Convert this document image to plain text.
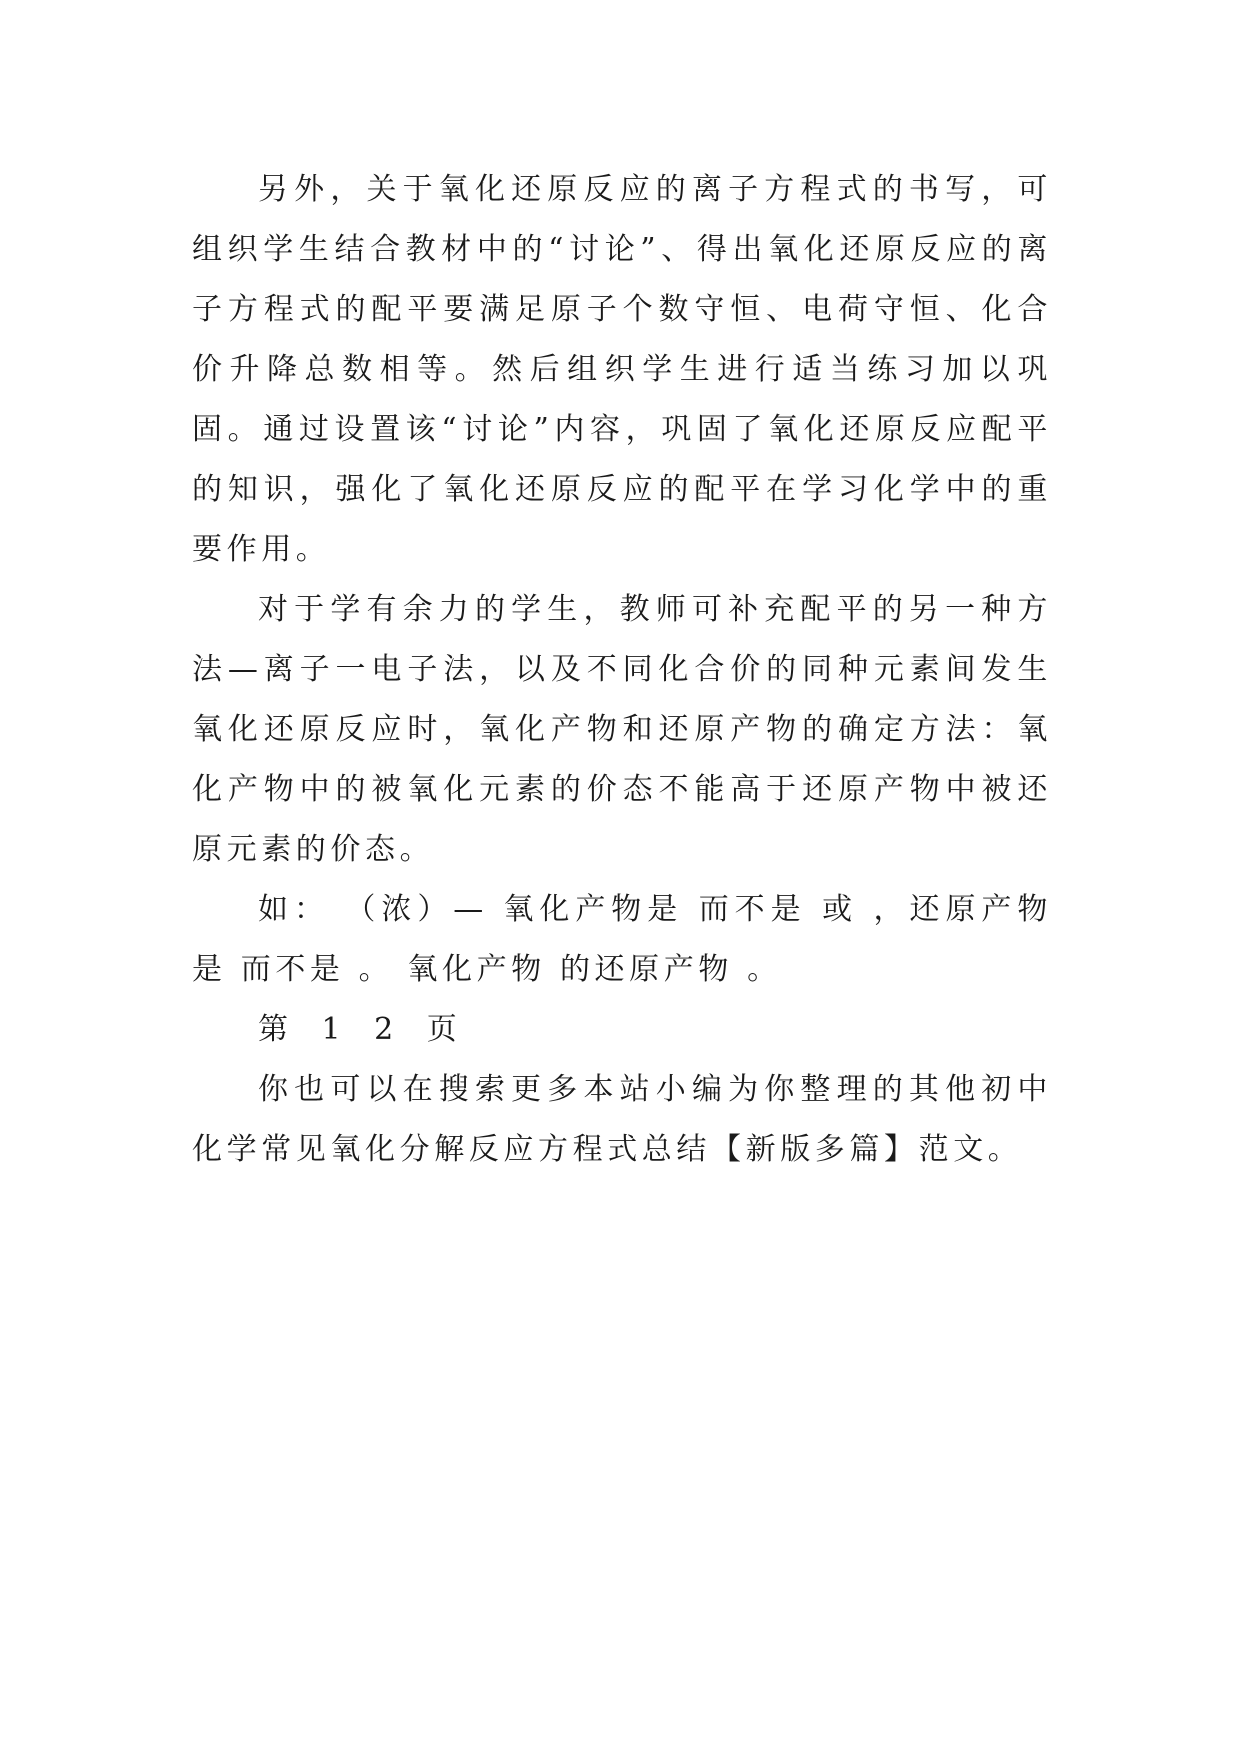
另外，关于氧化还原反应的离子方程式的书写，可组织学生结合教材中的“讨论”、得出氧化还原反应的离子方程式的配平要满足原子个数守恒、电荷守恒、化合价升降总数相等。然后组织学生进行适当练习加以巩固。通过设置该“讨论”内容，巩固了氧化还原反应配平的知识，强化了氧化还原反应的配平在学习化学中的重要作用。

对于学有余力的学生，教师可补充配平的另一种方法—离子一电子法，以及不同化合价的同种元素间发生氧化还原反应时，氧化产物和还原产物的确定方法：氧化产物中的被氧化元素的价态不能高于还原产物中被还原元素的价态。

如： （浓）— 氧化产物是 而不是 或 ，还原产物是 而不是 。 氧化产物 的还原产物 。

第 1 2 页

你也可以在搜索更多本站小编为你整理的其他初中化学常见氧化分解反应方程式总结【新版多篇】范文。
